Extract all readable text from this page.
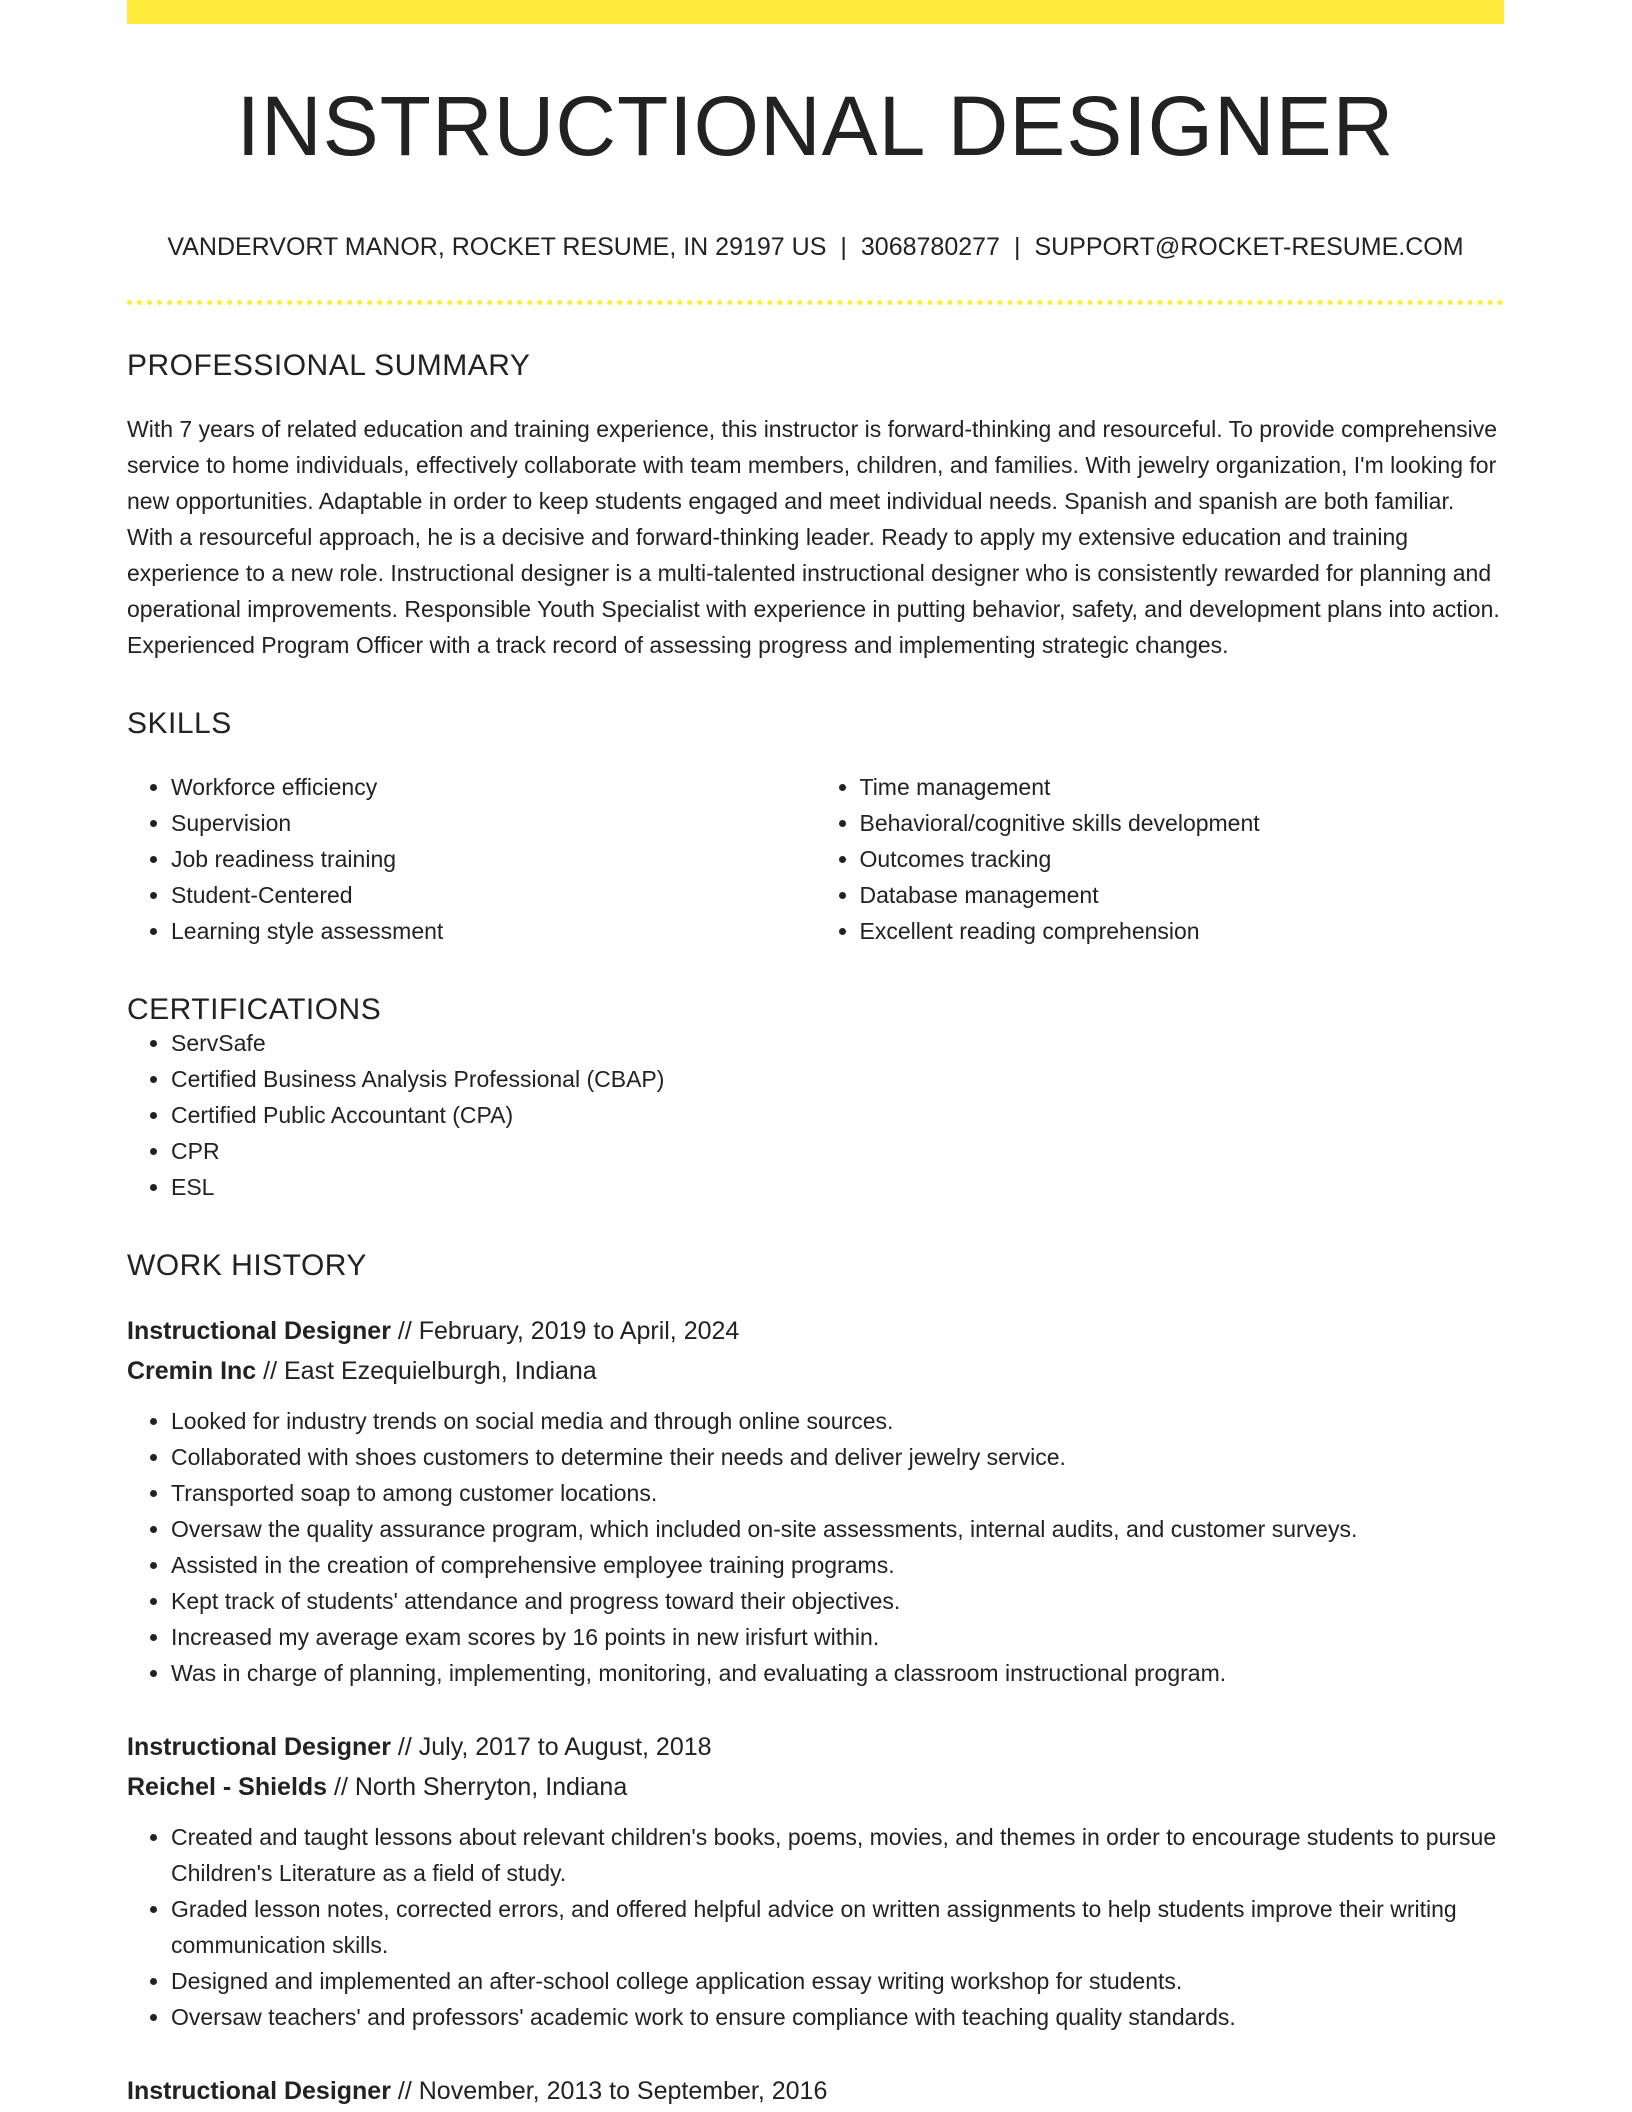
INSTRUCTIONAL DESIGNER
VANDERVORT MANOR, ROCKET RESUME, IN 29197 US | 3068780277 | SUPPORT@ROCKET-RESUME.COM
PROFESSIONAL SUMMARY

With 7 years of related education and training experience, this instructor is forward-thinking and resourceful. To provide comprehensive service to home individuals, effectively collaborate with team members, children, and families. With jewelry organization, I'm looking for new opportunities. Adaptable in order to keep students engaged and meet individual needs. Spanish and spanish are both familiar. With a resourceful approach, he is a decisive and forward-thinking leader. Ready to apply my extensive education and training experience to a new role. Instructional designer is a multi-talented instructional designer who is consistently rewarded for planning and operational improvements. Responsible Youth Specialist with experience in putting behavior, safety, and development plans into action. Experienced Program Officer with a track record of assessing progress and implementing strategic changes.

SKILLS
• Workforce efficiency
• Supervision
• Job readiness training
• Student-Centered
• Learning style assessment
• Time management
• Behavioral/cognitive skills development
• Outcomes tracking
• Database management
• Excellent reading comprehension
CERTIFICATIONS
• ServSafe
• Certified Business Analysis Professional (CBAP)
• Certified Public Accountant (CPA)
• CPR
• ESL
WORK HISTORY
Instructional Designer // February, 2019 to April, 2024
Cremin Inc // East Ezequielburgh, Indiana
• Looked for industry trends on social media and through online sources.
• Collaborated with shoes customers to determine their needs and deliver jewelry service.
• Transported soap to among customer locations.
• Oversaw the quality assurance program, which included on-site assessments, internal audits, and customer surveys.
• Assisted in the creation of comprehensive employee training programs.
• Kept track of students' attendance and progress toward their objectives.
• Increased my average exam scores by 16 points in new irisfurt within.
• Was in charge of planning, implementing, monitoring, and evaluating a classroom instructional program.
Instructional Designer // July, 2017 to August, 2018
Reichel - Shields // North Sherryton, Indiana
• Created and taught lessons about relevant children's books, poems, movies, and themes in order to encourage students to pursue Children's Literature as a field of study.
• Graded lesson notes, corrected errors, and offered helpful advice on written assignments to help students improve their writing communication skills.
• Designed and implemented an after-school college application essay writing workshop for students.
• Oversaw teachers' and professors' academic work to ensure compliance with teaching quality standards.
Instructional Designer // November, 2013 to September, 2016
